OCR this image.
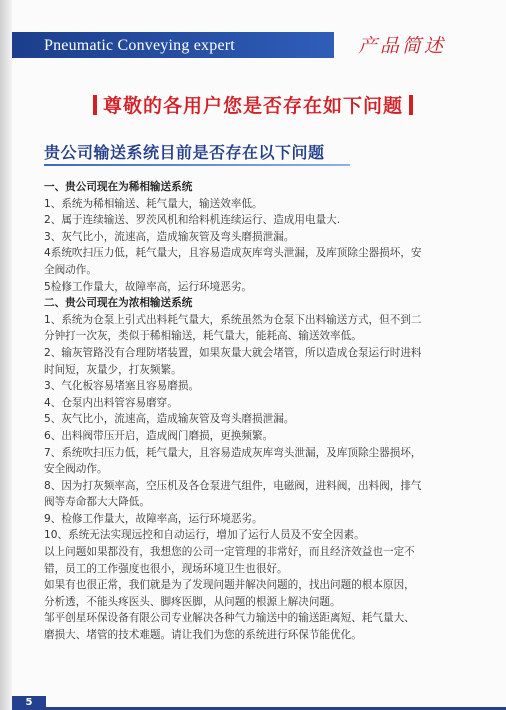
Pneumatic Conveying expert	产品简述
尊敬的各用户您是否存在如下问题
贵公司输送系统目前是否存在以下问题
一、贵公司现在为稀相输送系统
1、系统为稀相输送、耗气量大，输送效率低。
2、属于连续输送、罗茨风机和给料机连续运行、造成用电量大.
3、灰气比小，流速高，造成输灰管及弯头磨损泄漏。
4系统吹扫压力低，耗气量大，且容易造成灰库弯头泄漏，及库顶除尘器损坏，安
全阀动作。
5检修工作量大，故障率高，运行环境恶劣。
二、贵公司现在为浓相输送系统
1、系统为仓泵上引式出料耗气量大，系统虽然为仓泵下出料输送方式，但不到二
分钟打一次灰，类似于稀相输送，耗气量大，能耗高、输送效率低。
2、输灰管路没有合理防堵装置，如果灰量大就会堵管，所以造成仓泵运行时进料
时间短，灰量少，打灰频繁。
3、气化板容易堵塞且容易磨损。
4、仓泵内出料管容易磨穿。
5、灰气比小，流速高，造成输灰管及弯头磨损泄漏。
6、出料阀带压开启，造成阀门磨损，更换频繁。
7、系统吹扫压力低，耗气量大，且容易造成灰库弯头泄漏，及库顶除尘器损坏，
安全阀动作。
8、因为打灰频率高，空压机及各仓泵进气组件，电磁阀，进料阀，出料阀，排气
阀等寿命都大大降低。
9、检修工作量大，故障率高，运行环境恶劣。
10、系统无法实现远控和自动运行，增加了运行人员及不安全因素。
以上问题如果都没有，我想您的公司一定管理的非常好，而且经济效益也一定不
错，员工的工作强度也很小，现场环境卫生也很好。
如果有也很正常，我们就是为了发现问题并解决问题的，找出问题的根本原因，
分析透，不能头疼医头、脚疼医脚，从问题的根源上解决问题。
邹平创星环保设备有限公司专业解决各种气力输送中的输送距离短、耗气量大、
磨损大、堵管的技术难题。请让我们为您的系统进行环保节能优化。
5
